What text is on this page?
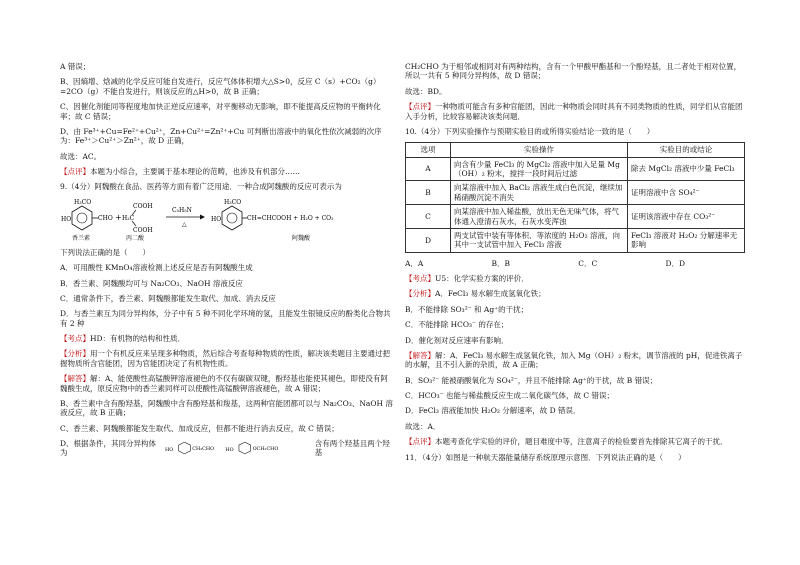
A 错误；
B、因熵增、焓减的化学反应可能自发进行，反应气体体积增大△S>0，反应 C（s）+CO₂（g）=2CO（g）不能自发进行，则该反应的△H>0，故 B 正确；
C、因催化剂能同等程度地加快正逆反应速率，对平衡移动无影响，即不能提高反应物的平衡转化率；故 C 错误；
D、由 Fe³⁺+Cu=Fe²⁺+Cu²⁺，Zn+Cu²⁺=Zn²⁺+Cu 可判断出溶液中的氧化性依次减弱的次序为：Fe³⁺＞Cu²⁺＞Zn²⁺，故 D 正确，
故选：AC。
【点评】本题为小综合，主要属于基本理论的范畴，也涉及有机部分……
9.（4分）阿魏酸在食品、医药等方面有着广泛用途．一种合成阿魏酸的反应可表示为
H₃CO
HO	CHO
香兰素
+
COOH
H₂C
COOH
丙二酸
C₅H₅N
△
H₃CO
HO	CH=CHCOOH + H₂O + CO₂
阿魏酸
下列说法正确的是（　　）
A．可用酸性 KMnO₄溶液检测上述反应是否有阿魏酸生成
B．香兰素、阿魏酸均可与 Na₂CO₃、NaOH 溶液反应
C．通常条件下，香兰素、阿魏酸都能发生取代、加成、消去反应
D．与香兰素互为同分异构体，分子中有 5 种不同化学环境的氢，且能发生银镜反应的酚类化合物共有 2 种
【考点】HD：有机物的结构和性质．
【分析】用一个有机反应来呈现多种物质，然后综合考查每种物质的性质，解决该类题目主要通过把握物质所含官能团，因为官能团决定了有机物性质。
【解答】解：A、能使酸性高锰酸钾溶液褪色的不仅有碳碳双键，酚羟基也能使其褪色，即使没有阿魏酸生成，原反应物中的香兰素同样可以使酸性高锰酸钾溶液褪色，故 A 错误；
B、香兰素中含有酚羟基，阿魏酸中含有酚羟基和羧基，这两种官能团都可以与 Na₂CO₃、NaOH 溶液反应，故 B 正确；
C、香兰素、阿魏酸都能发生取代、加成反应，但都不能进行消去反应，故 C 错误；
D、根据条件，其同分异构体为	HO	CH₂CHO HO	OCH₂CHO
含有两个羟基且两个羟基
CH₂CHO 为于相邻或相同对有两种结构，含有一个甲酸甲酯基和一个酚羟基，且二者处于相对位置，所以一共有 5 种同分异构体，故 D 错误；
故选：BD。
【点评】一种物质可能含有多种官能团，因此一种物质会同时具有不同类物质的性质，同学们从官能团入手分析，比较容易解决该类问题．
10.（4分）下列实验操作与预期实验目的或所得实验结论一致的是（　　）
选项	实验操作	实验目的或结论
A	向含有少量 FeCl₃ 的 MgCl₂ 溶液中加入足量 Mg（OH）₂ 粉末，搅拌一段时间后过滤	除去 MgCl₂ 溶液中少量 FeCl₃
B	向某溶液中加入 BaCl₂ 溶液生成白色沉淀，继续加稀硝酸沉淀不消失	证明溶液中含 SO₄²⁻
C	向某溶液中加入稀盐酸，放出无色无味气体，将气体通入澄清石灰水，石灰水变浑浊	证明该溶液中存在 CO₃²⁻
D	两支试管中装有等体积、等浓度的 H₂O₂ 溶液，向其中一支试管中加入 FeCl₃ 溶液	FeCl₃ 溶液对 H₂O₂ 分解速率无影响
A．A	B．B	C．C	D．D
【考点】U5：化学实验方案的评价．
【分析】A．FeCl₃ 易水解生成氢氧化铁；
B．不能排除 SO₃²⁻ 和 Ag⁺的干扰；
C．不能排除 HCO₃⁻ 的存在；
D．催化剂对反应速率有影响．
【解答】解：A．FeCl₃ 易水解生成氢氧化铁，加入 Mg（OH）₂ 粉末，调节溶液的 pH，促进铁离子的水解，且不引入新的杂质，故 A 正确；
B．SO₃²⁻ 能被硝酸氧化为 SO₄²⁻，并且不能排除 Ag⁺的干扰，故 B 错误；
C．HCO₃⁻ 也能与稀盐酸反应生成二氧化碳气体，故 C 错误；
D．FeCl₃ 溶液能加快 H₂O₂ 分解速率，故 D 错误．
故选：A．
【点评】本题考查化学实验的评价，题目难度中等，注意离子的检验要首先排除其它离子的干扰．
11．（4分）如图是一种航天器能量储存系统原理示意图．下列说法正确的是（　　）
